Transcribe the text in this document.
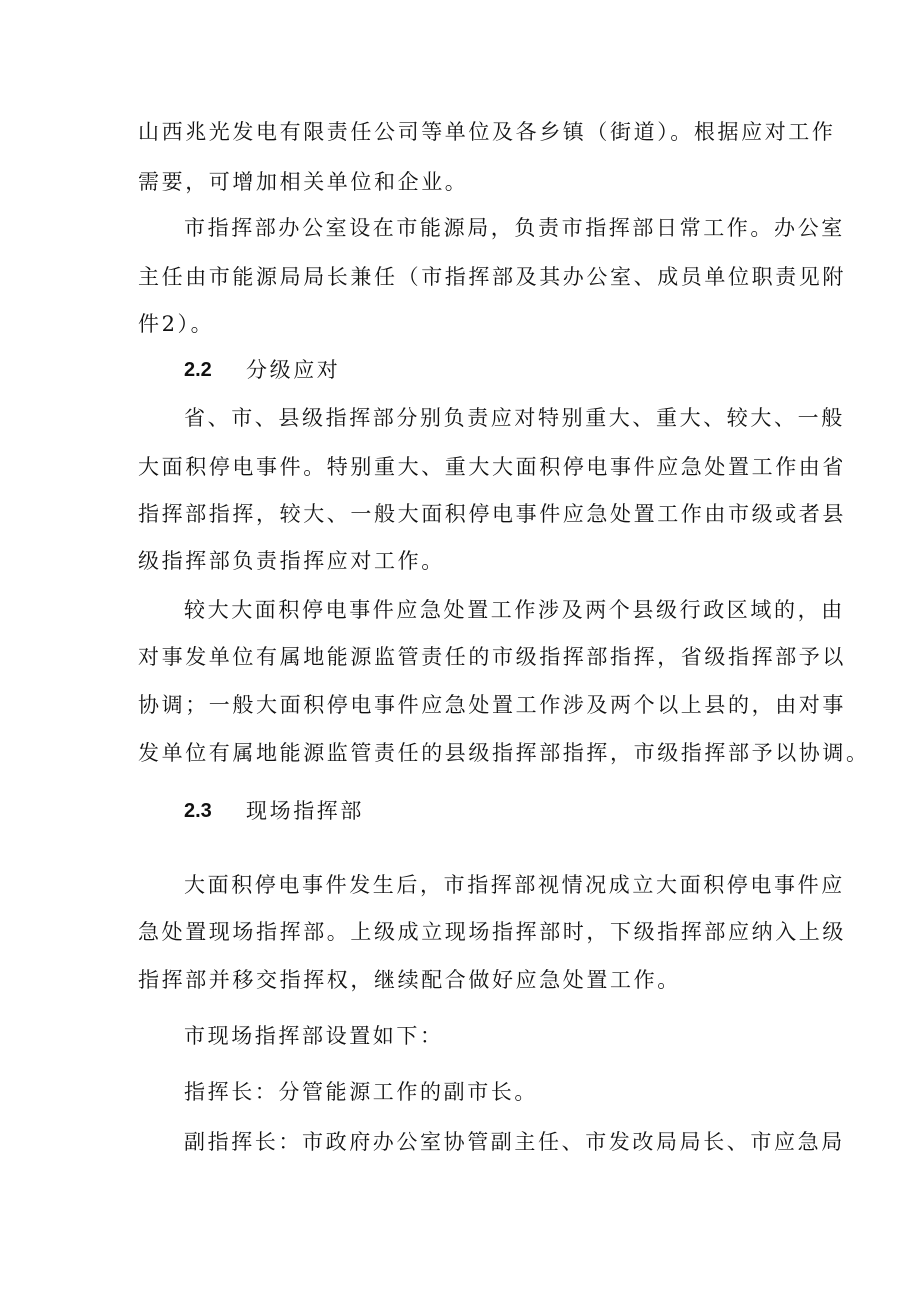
山西兆光发电有限责任公司等单位及各乡镇（街道）。根据应对工作
需要，可增加相关单位和企业。
市指挥部办公室设在市能源局，负责市指挥部日常工作。办公室
主任由市能源局局长兼任（市指挥部及其办公室、成员单位职责见附
件2）。
2.2 分级应对
省、市、县级指挥部分别负责应对特别重大、重大、较大、一般
大面积停电事件。特别重大、重大大面积停电事件应急处置工作由省
指挥部指挥，较大、一般大面积停电事件应急处置工作由市级或者县
级指挥部负责指挥应对工作。
较大大面积停电事件应急处置工作涉及两个县级行政区域的，由
对事发单位有属地能源监管责任的市级指挥部指挥，省级指挥部予以
协调；一般大面积停电事件应急处置工作涉及两个以上县的，由对事
发单位有属地能源监管责任的县级指挥部指挥，市级指挥部予以协调。
2.3 现场指挥部
大面积停电事件发生后，市指挥部视情况成立大面积停电事件应
急处置现场指挥部。上级成立现场指挥部时，下级指挥部应纳入上级
指挥部并移交指挥权，继续配合做好应急处置工作。
市现场指挥部设置如下：
指挥长：分管能源工作的副市长。
副指挥长：市政府办公室协管副主任、市发改局局长、市应急局
